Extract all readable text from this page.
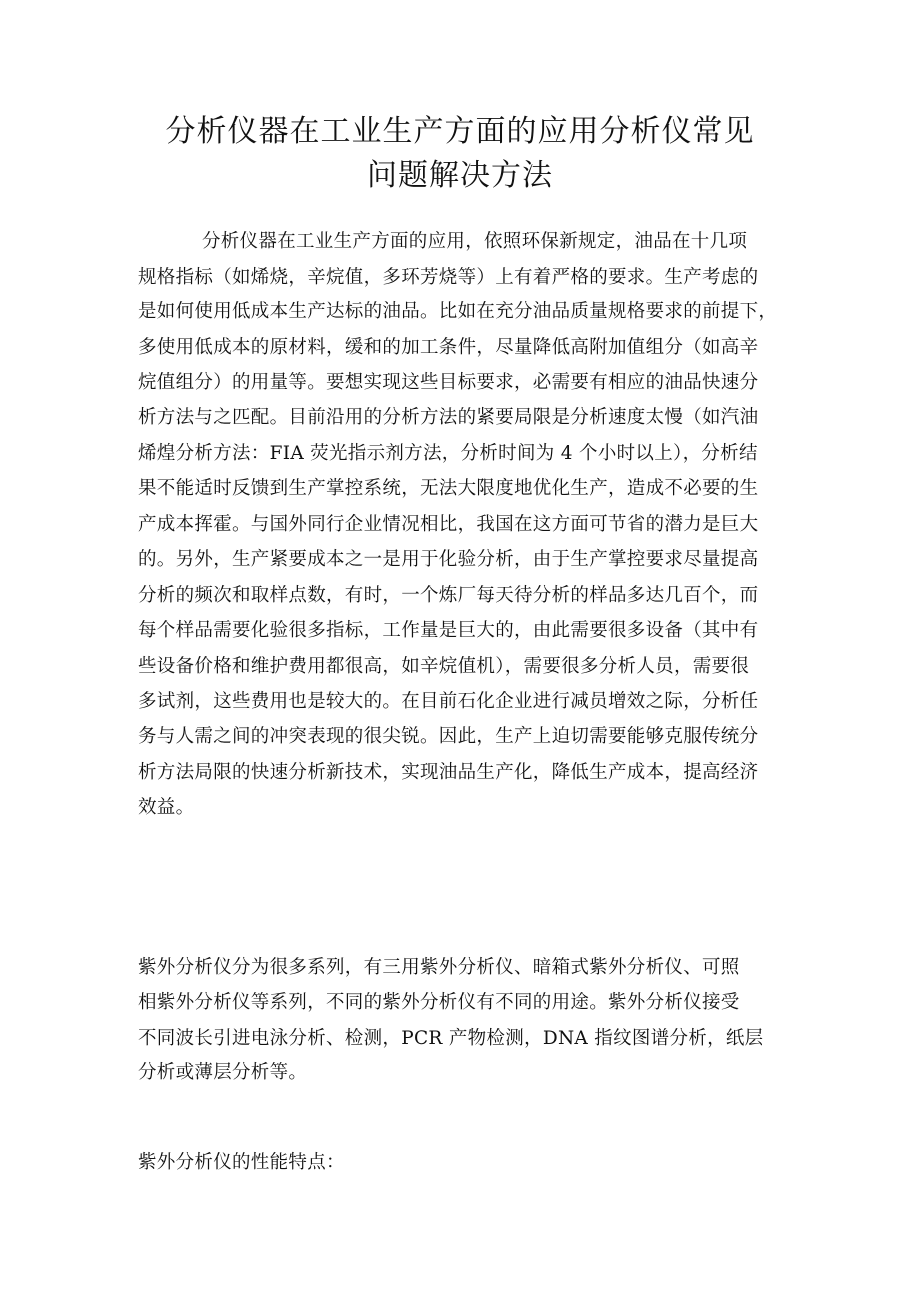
分析仪器在工业生产方面的应用分析仪常见
问题解决方法

分析仪器在工业生产方面的应用，依照环保新规定，油品在十几项

规格指标（如烯烧，辛烷值，多环芳烧等）上有着严格的要求。生产考虑的

是如何使用低成本生产达标的油品。比如在充分油品质量规格要求的前提下，

多使用低成本的原材料，缓和的加工条件，尽量降低高附加值组分（如高辛

烷值组分）的用量等。要想实现这些目标要求，必需要有相应的油品快速分

析方法与之匹配。目前沿用的分析方法的紧要局限是分析速度太慢（如汽油

烯煌分析方法：FIA 荧光指示剂方法，分析时间为 4 个小时以上），分析结

果不能适时反馈到生产掌控系统，无法大限度地优化生产，造成不必要的生

产成本挥霍。与国外同行企业情况相比，我国在这方面可节省的潜力是巨大

的。另外，生产紧要成本之一是用于化验分析，由于生产掌控要求尽量提高

分析的频次和取样点数，有时，一个炼厂每天待分析的样品多达几百个，而

每个样品需要化验很多指标，工作量是巨大的，由此需要很多设备（其中有

些设备价格和维护费用都很高，如辛烷值机），需要很多分析人员，需要很

多试剂，这些费用也是较大的。在目前石化企业进行减员增效之际，分析任

务与人需之间的冲突表现的很尖锐。因此，生产上迫切需要能够克服传统分

析方法局限的快速分析新技术，实现油品生产化，降低生产成本，提高经济

效益。

紫外分析仪分为很多系列，有三用紫外分析仪、暗箱式紫外分析仪、可照

相紫外分析仪等系列，不同的紫外分析仪有不同的用途。紫外分析仪接受

不同波长引进电泳分析、检测，PCR 产物检测，DNA 指纹图谱分析，纸层

分析或薄层分析等。

紫外分析仪的性能特点：
